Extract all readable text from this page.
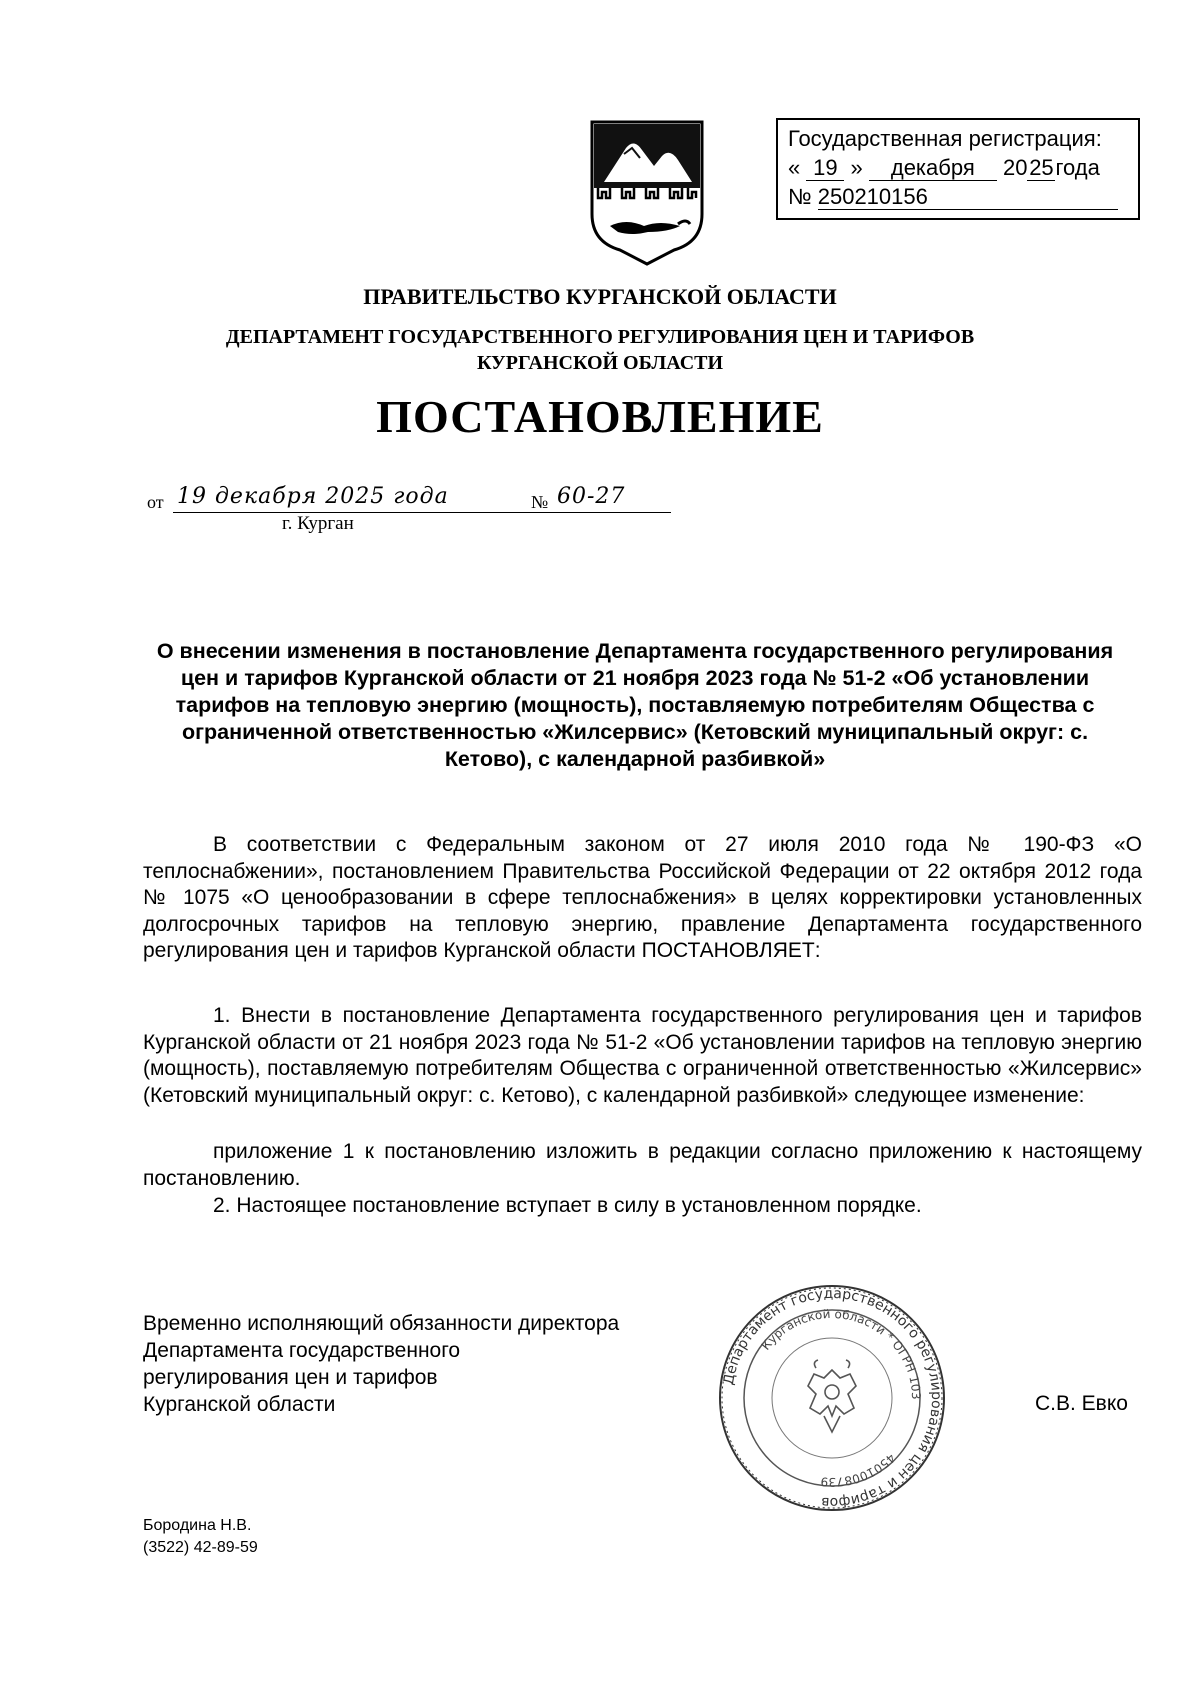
Государственная регистрация:
« 19 » декабря 2025года
№ 250210156
ПРАВИТЕЛЬСТВО КУРГАНСКОЙ ОБЛАСТИ
ДЕПАРТАМЕНТ ГОСУДАРСТВЕННОГО РЕГУЛИРОВАНИЯ ЦЕН И ТАРИФОВ
КУРГАНСКОЙ ОБЛАСТИ
ПОСТАНОВЛЕНИЕ
от 19 декабря 2025 года	№ 60-27
г. Курган
О внесении изменения в постановление Департамента государственного регулирования цен и тарифов Курганской области от 21 ноября 2023 года № 51-2 «Об установлении тарифов на тепловую энергию (мощность), поставляемую потребителям Общества с ограниченной ответственностью «Жилсервис» (Кетовский муниципальный округ: с. Кетово), с календарной разбивкой»
В соответствии с Федеральным законом от 27 июля 2010 года № 190-ФЗ «О теплоснабжении», постановлением Правительства Российской Федерации от 22 октября 2012 года № 1075 «О ценообразовании в сфере теплоснабжения» в целях корректировки установленных долгосрочных тарифов на тепловую энергию, правление Департамента государственного регулирования цен и тарифов Курганской области ПОСТАНОВЛЯЕТ:
1. Внести в постановление Департамента государственного регулирования цен и тарифов Курганской области от 21 ноября 2023 года № 51-2 «Об установлении тарифов на тепловую энергию (мощность), поставляемую потребителям Общества с ограниченной ответственностью «Жилсервис» (Кетовский муниципальный округ: с. Кетово), с календарной разбивкой» следующее изменение:
приложение 1 к постановлению изложить в редакции согласно приложению к настоящему постановлению.
2. Настоящее постановление вступает в силу в установленном порядке.
Временно исполняющий обязанности директора
Департамента государственного
регулирования цен и тарифов
Курганской области	С.В. Евко
Департамент государственного регулирования цен и тарифов
Курганской области * ОГРН 103
4501008739
Бородина Н.В.
(3522) 42-89-59
